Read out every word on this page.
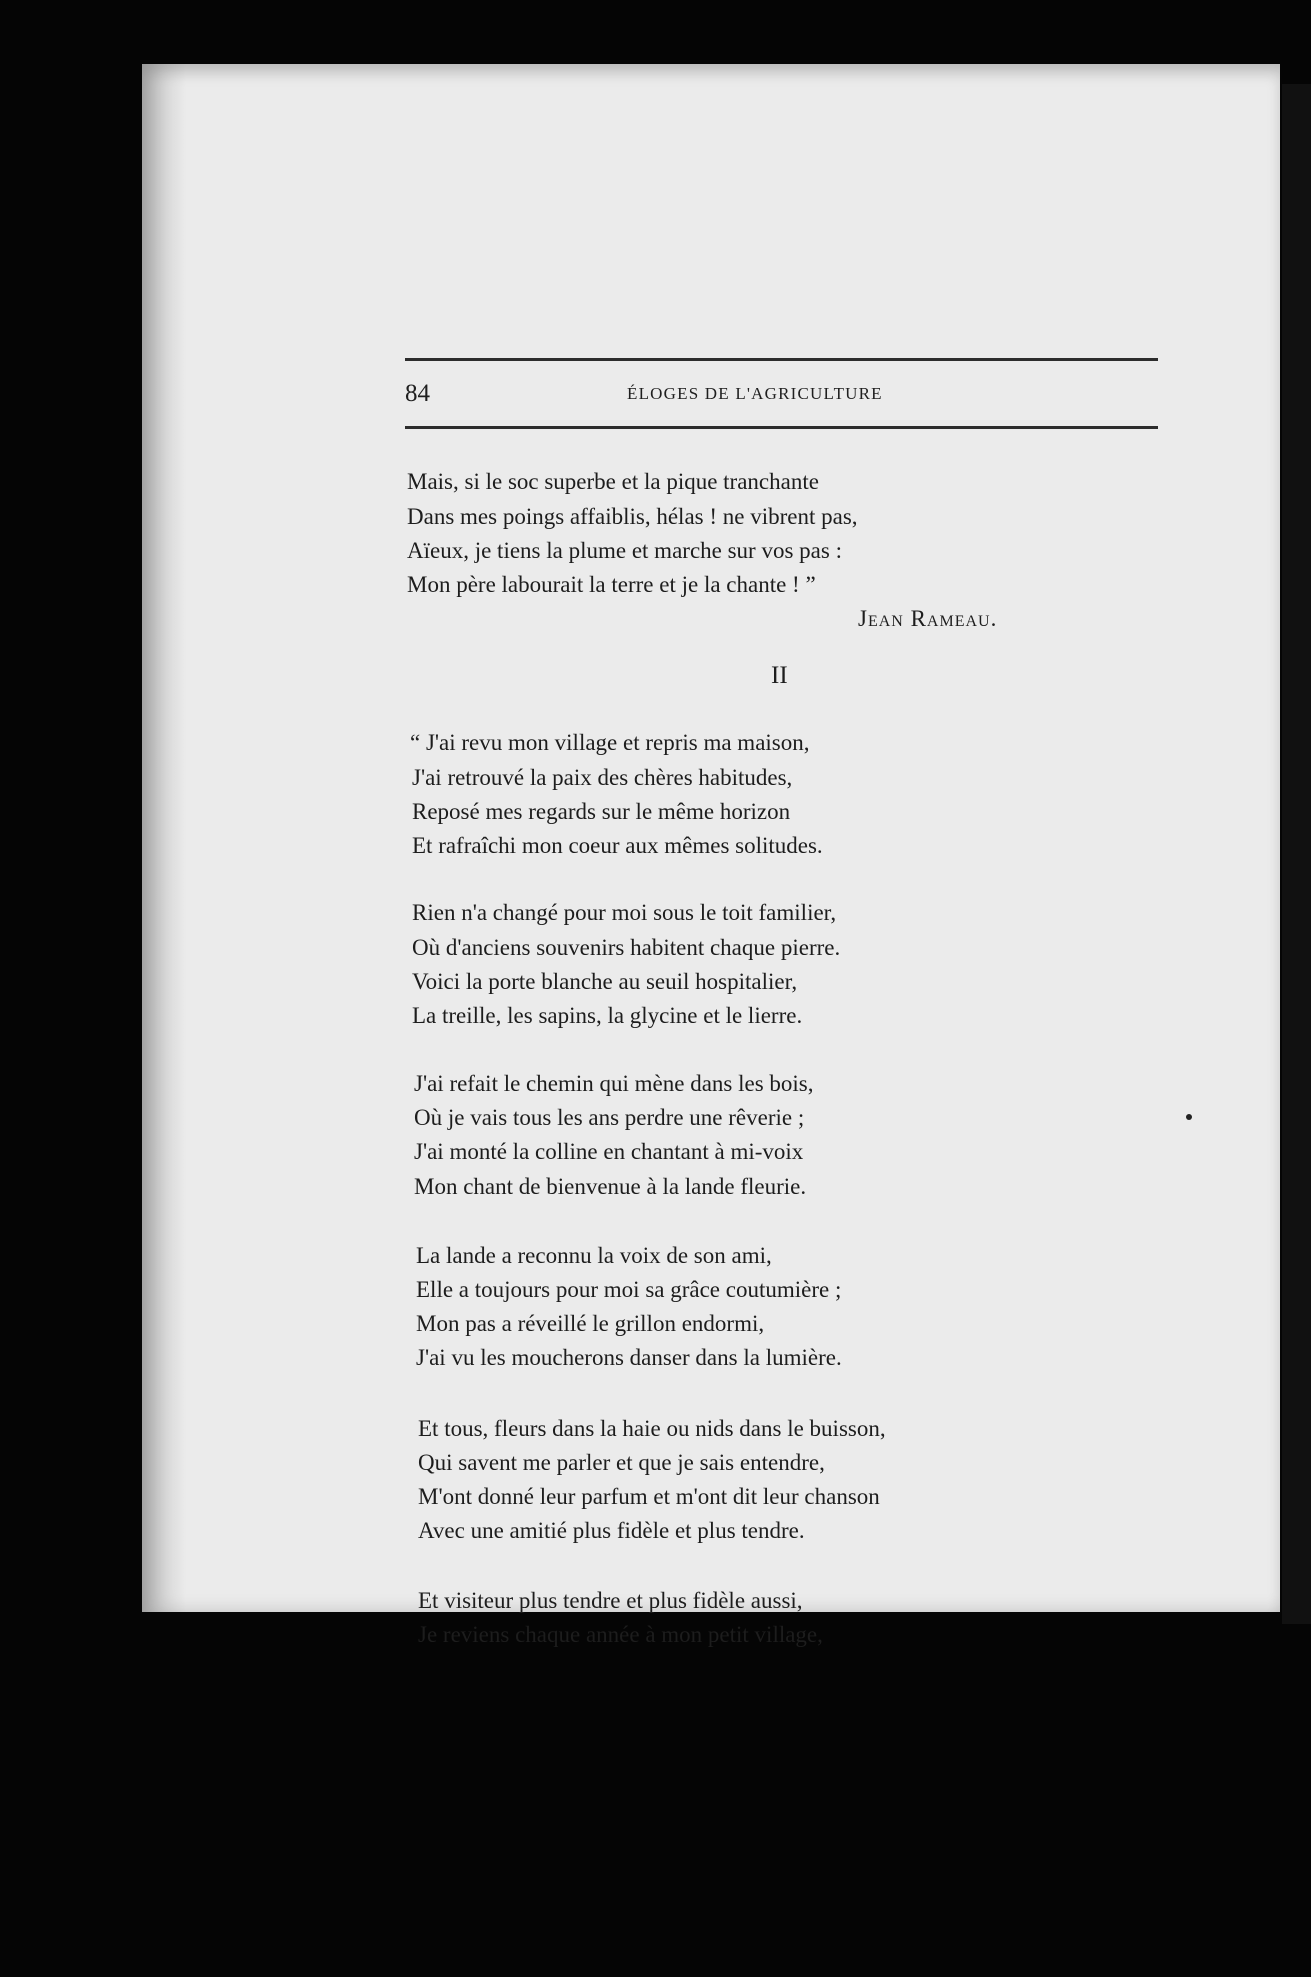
84	ÉLOGES DE L'AGRICULTURE
Mais, si le soc superbe et la pique tranchante
Dans mes poings affaiblis, hélas ! ne vibrent pas,
Aïeux, je tiens la plume et marche sur vos pas :
Mon père labourait la terre et je la chante ! ”
Jean Rameau.
II
“ J'ai revu mon village et repris ma maison,
J'ai retrouvé la paix des chères habitudes,
Reposé mes regards sur le même horizon
Et rafraîchi mon coeur aux mêmes solitudes.
Rien n'a changé pour moi sous le toit familier,
Où d'anciens souvenirs habitent chaque pierre.
Voici la porte blanche au seuil hospitalier,
La treille, les sapins, la glycine et le lierre.
J'ai refait le chemin qui mène dans les bois,
Où je vais tous les ans perdre une rêverie ;
J'ai monté la colline en chantant à mi-voix
Mon chant de bienvenue à la lande fleurie.
La lande a reconnu la voix de son ami,
Elle a toujours pour moi sa grâce coutumière ;
Mon pas a réveillé le grillon endormi,
J'ai vu les moucherons danser dans la lumière.
Et tous, fleurs dans la haie ou nids dans le buisson,
Qui savent me parler et que je sais entendre,
M'ont donné leur parfum et m'ont dit leur chanson
Avec une amitié plus fidèle et plus tendre.
Et visiteur plus tendre et plus fidèle aussi,
Je reviens chaque année à mon petit village,
